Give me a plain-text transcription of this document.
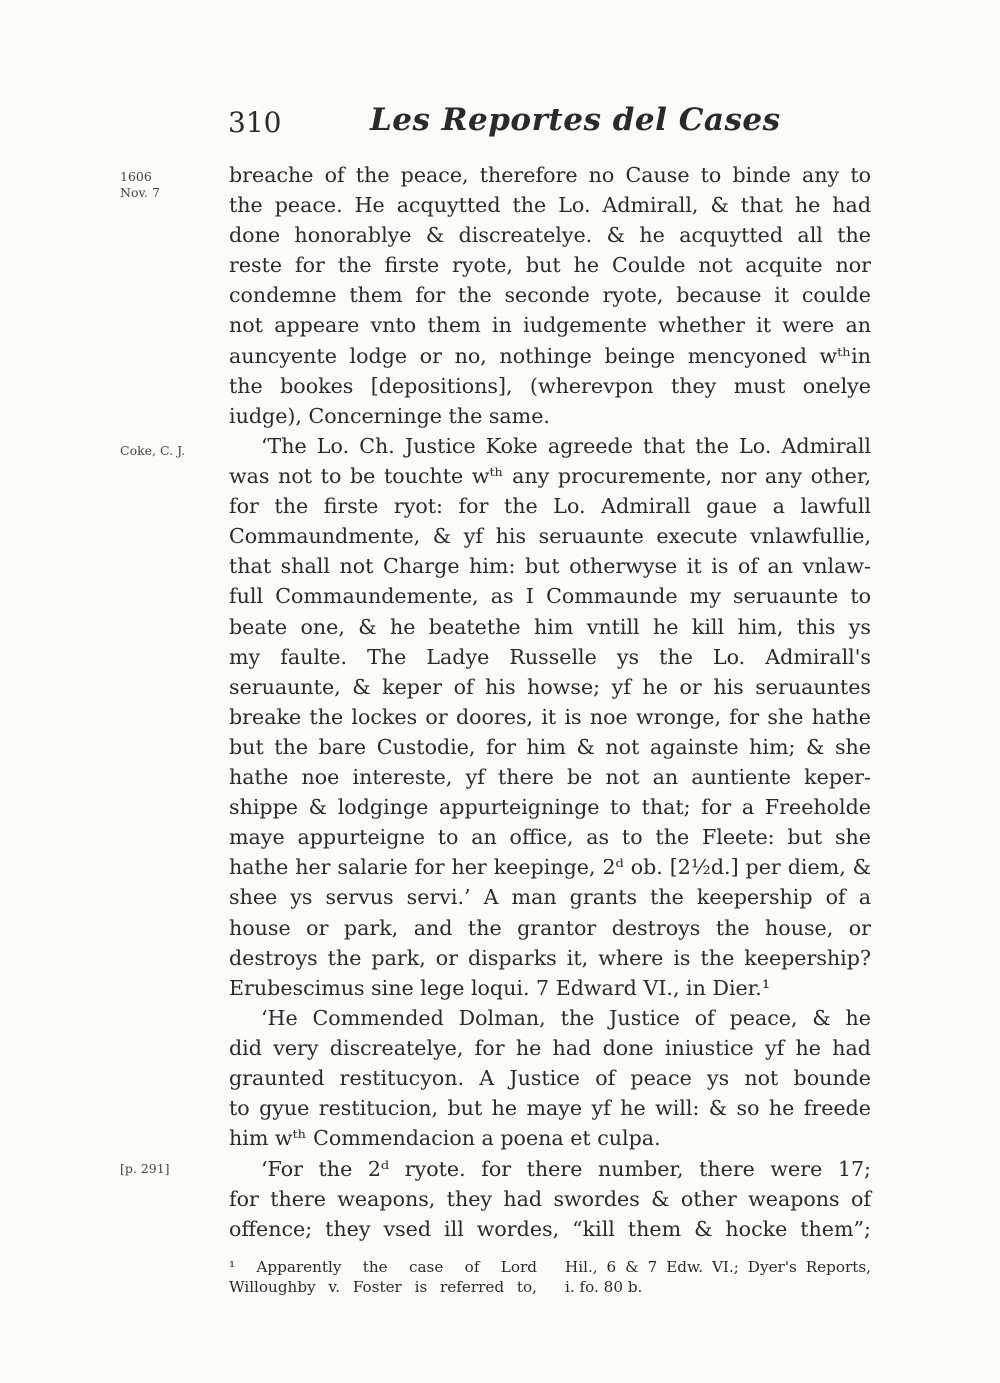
310	Les Reportes del Cases
1606
Nov. 7
Coke, C. J.
[p. 291]
breache of the peace, therefore no Cause to binde any to
the peace. He acquytted the Lo. Admirall, & that he had
done honorablye & discreatelye. & he acquytted all the
reste for the firste ryote, but he Coulde not acquite nor
condemne them for the seconde ryote, because it coulde
not appeare vnto them in iudgemente whether it were an
auncyente lodge or no, nothinge beinge mencyoned wᵗʰin
the bookes [depositions], (wherevpon they must onelye
iudge), Concerninge the same.
‘The Lo. Ch. Justice Koke agreede that the Lo. Admirall
was not to be touchte wᵗʰ any procuremente, nor any other,
for the firste ryot: for the Lo. Admirall gaue a lawfull
Commaundmente, & yf his seruaunte execute vnlawfullie,
that shall not Charge him: but otherwyse it is of an vnlaw-
full Commaundemente, as I Commaunde my seruaunte to
beate one, & he beatethe him vntill he kill him, this ys
my faulte. The Ladye Russelle ys the Lo. Admirall's
seruaunte, & keper of his howse; yf he or his seruauntes
breake the lockes or doores, it is noe wronge, for she hathe
but the bare Custodie, for him & not againste him; & she
hathe noe intereste, yf there be not an auntiente keper-
shippe & lodginge appurteigninge to that; for a Freeholde
maye appurteigne to an office, as to the Fleete: but she
hathe her salarie for her keepinge, 2ᵈ ob. [2½d.] per diem, &
shee ys servus servi.’ A man grants the keepership of a
house or park, and the grantor destroys the house, or
destroys the park, or disparks it, where is the keepership?
Erubescimus sine lege loqui. 7 Edward VI., in Dier.¹
‘He Commended Dolman, the Justice of peace, & he
did very discreatelye, for he had done iniustice yf he had
graunted restitucyon. A Justice of peace ys not bounde
to gyue restitucion, but he maye yf he will: & so he freede
him wᵗʰ Commendacion a poena et culpa.
‘For the 2ᵈ ryote. for there number, there were 17;
for there weapons, they had swordes & other weapons of
offence; they vsed ill wordes, “kill them & hocke them”;
¹ Apparently the case of Lord
Willoughby v. Foster is referred to,
Hil., 6 & 7 Edw. VI.; Dyer's Reports,
i. fo. 80 b.
